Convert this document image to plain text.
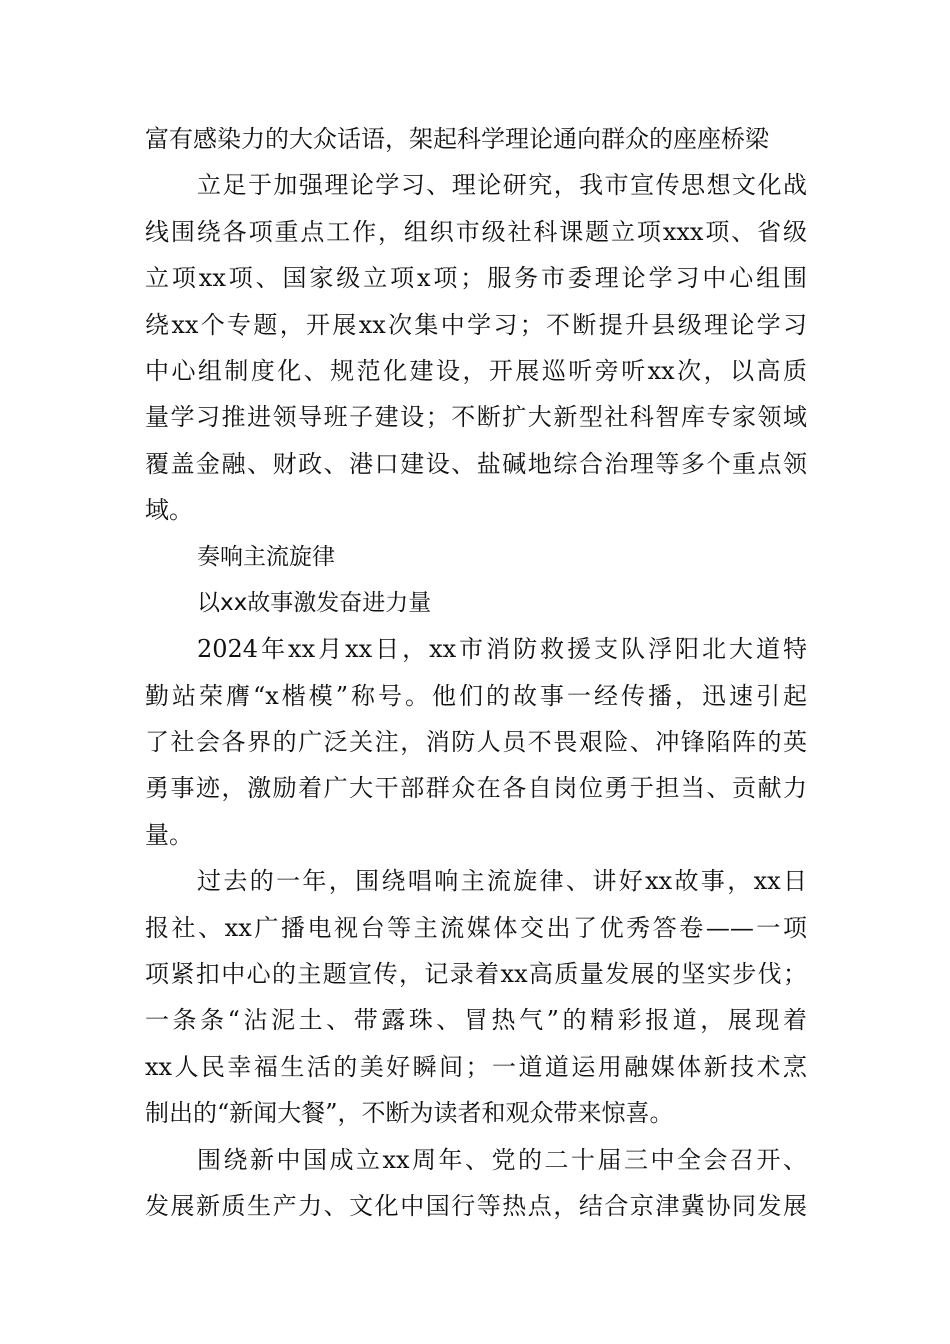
富有感染力的大众话语，架起科学理论通向群众的座座桥梁
立足于加强理论学习、理论研究，我市宣传思想文化战
线围绕各项重点工作，组织市级社科课题立项xxx项、省级
立项xx项、国家级立项x项；服务市委理论学习中心组围
绕xx个专题，开展xx次集中学习；不断提升县级理论学习
中心组制度化、规范化建设，开展巡听旁听xx次，以高质
量学习推进领导班子建设；不断扩大新型社科智库专家领域
覆盖金融、财政、港口建设、盐碱地综合治理等多个重点领
域。
奏响主流旋律
以xx故事激发奋进力量
2024年xx月xx日，xx市消防救援支队浮阳北大道特
勤站荣膺“x楷模”称号。他们的故事一经传播，迅速引起
了社会各界的广泛关注，消防人员不畏艰险、冲锋陷阵的英
勇事迹，激励着广大干部群众在各自岗位勇于担当、贡献力
量。
过去的一年，围绕唱响主流旋律、讲好xx故事，xx日
报社、xx广播电视台等主流媒体交出了优秀答卷——一项
项紧扣中心的主题宣传，记录着xx高质量发展的坚实步伐；
一条条“沾泥土、带露珠、冒热气”的精彩报道，展现着
xx人民幸福生活的美好瞬间；一道道运用融媒体新技术烹
制出的“新闻大餐”，不断为读者和观众带来惊喜。
围绕新中国成立xx周年、党的二十届三中全会召开、
发展新质生产力、文化中国行等热点，结合京津冀协同发展
